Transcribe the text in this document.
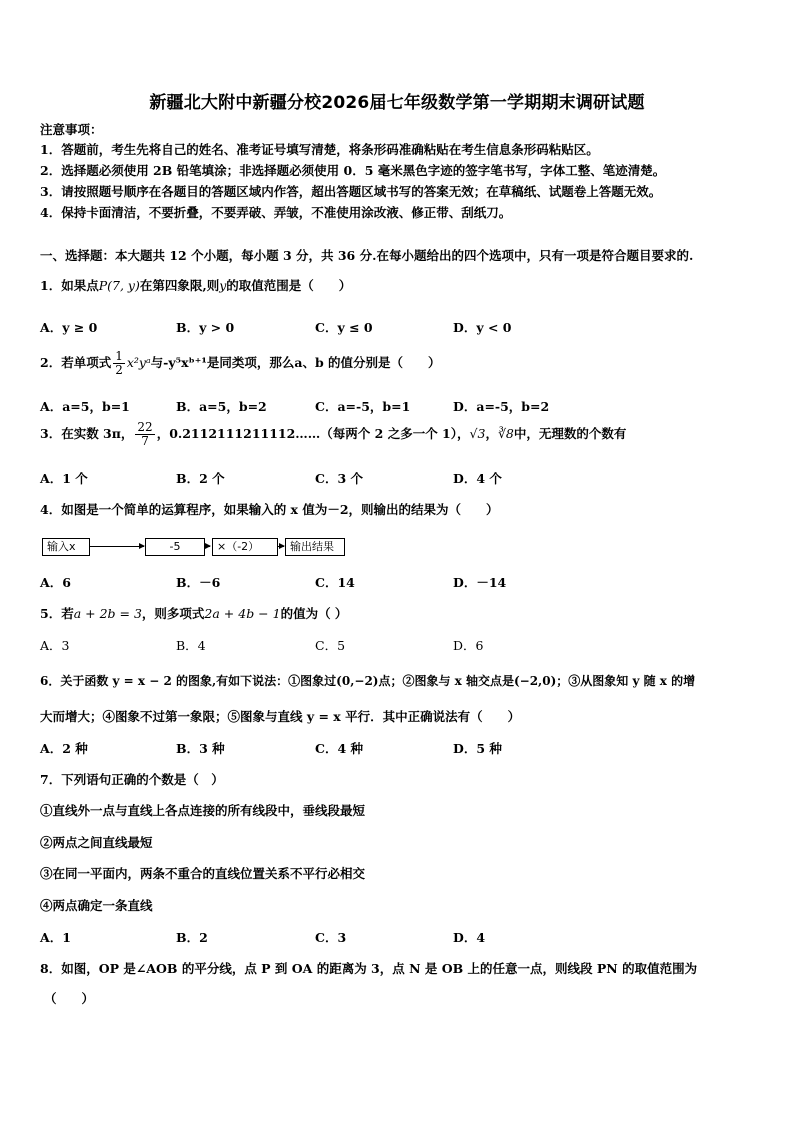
新疆北大附中新疆分校2026届七年级数学第一学期期末调研试题
注意事项：
1．答题前，考生先将自己的姓名、准考证号填写清楚，将条形码准确粘贴在考生信息条形码粘贴区。
2．选择题必须使用 2B 铅笔填涂；非选择题必须使用 0．5 毫米黑色字迹的签字笔书写，字体工整、笔迹清楚。
3．请按照题号顺序在各题目的答题区域内作答，超出答题区域书写的答案无效；在草稿纸、试题卷上答题无效。
4．保持卡面清洁，不要折叠，不要弄破、弄皱，不准使用涂改液、修正带、刮纸刀。
一、选择题：本大题共 12 个小题，每小题 3 分，共 36 分.在每小题给出的四个选项中，只有一项是符合题目要求的.
1．如果点P(7, y)在第四象限,则y的取值范围是（　　）
A．y ≥ 0	B．y > 0	C．y ≤ 0	D．y < 0
2．若单项式 $\frac{1}{2}$ x²yᵃ与-y⁵xᵇ⁺¹是同类项，那么a、b 的值分别是（　　）
A．a=5，b=1	B．a=5，b=2	C．a=-5，b=1	D．a=-5，b=2
3．在实数 3π， $\frac{22}{7}$ ，0.2112111211112……（每两个 2 之多一个 1），√3，∛8中，无理数的个数有
A．1 个	B．2 个	C．3 个	D．4 个
4．如图是一个简单的运算程序，如果输入的 x 值为－2，则输出的结果为（　　）
输入x	-5	×（-2）	输出结果
A．6	B．－6	C．14	D．－14
5．若a + 2b = 3，则多项式2a + 4b − 1的值为（ ）
A．3	B．4	C．5	D．6
6．关于函数 y = x − 2 的图象,有如下说法：①图象过(0,−2)点；②图象与 x 轴交点是(−2,0)；③从图象知 y 随 x 的增
大而增大；④图象不过第一象限；⑤图象与直线 y = x 平行．其中正确说法有（　　）
A．2 种	B．3 种	C．4 种	D．5 种
7．下列语句正确的个数是（　）
①直线外一点与直线上各点连接的所有线段中，垂线段最短
②两点之间直线最短
③在同一平面内，两条不重合的直线位置关系不平行必相交
④两点确定一条直线
A．1	B．2	C．3	D．4
8．如图，OP 是∠AOB 的平分线，点 P 到 OA 的距离为 3，点 N 是 OB 上的任意一点，则线段 PN 的取值范围为
（　　）
